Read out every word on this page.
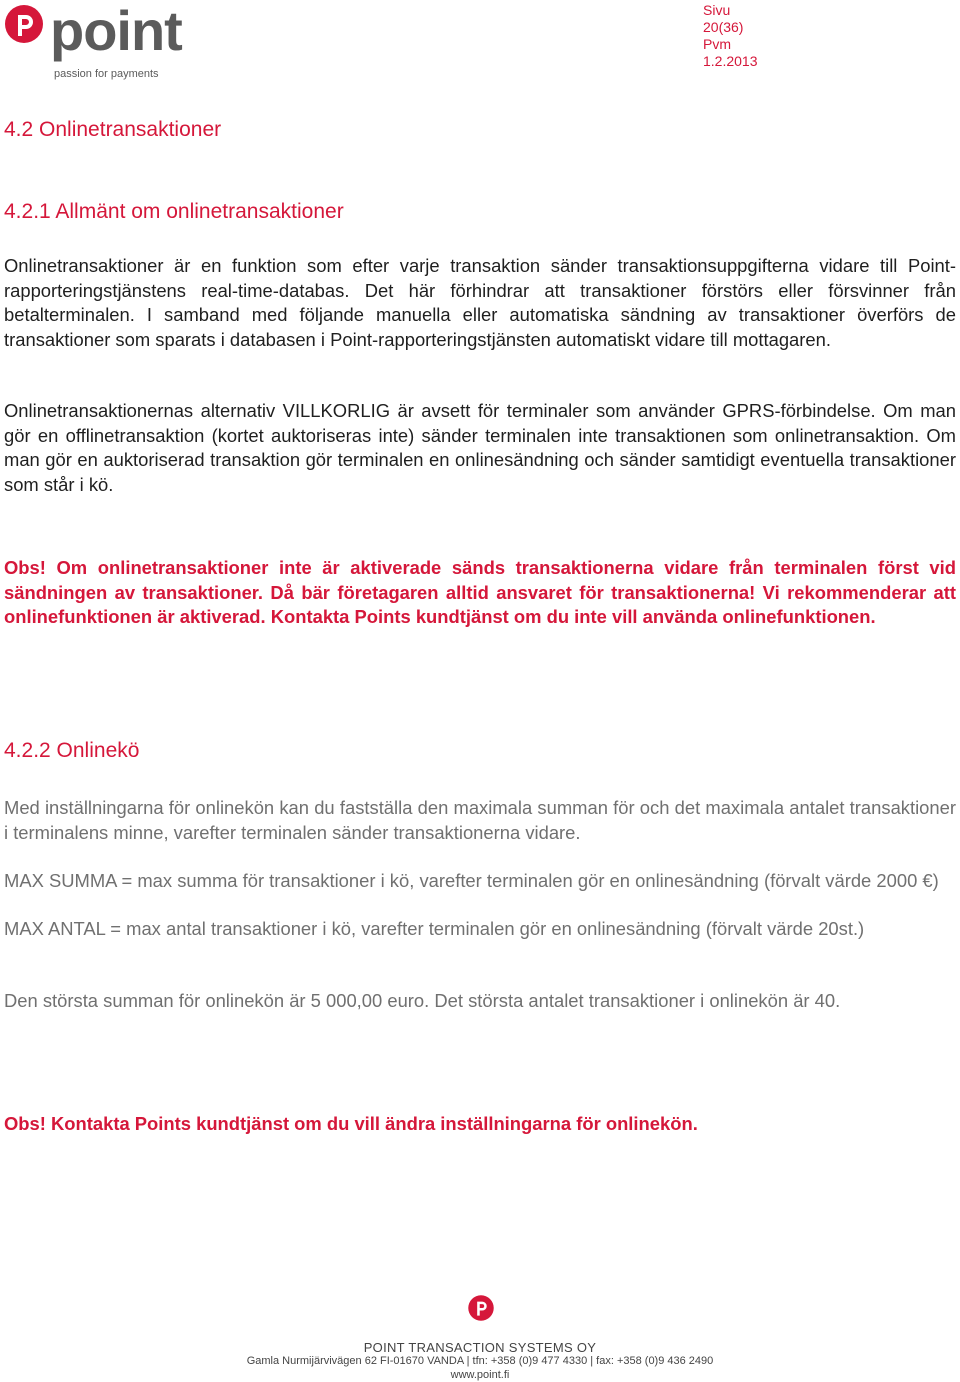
point
passion for payments
Sivu
20(36)
Pvm
1.2.2013
4.2 Onlinetransaktioner
4.2.1 Allmänt om onlinetransaktioner
Onlinetransaktioner är en funktion som efter varje transaktion sänder transaktionsuppgifterna vidare till Point-rapporteringstjänstens real-time-databas. Det här förhindrar att transaktioner förstörs eller försvinner från betalterminalen. I samband med följande manuella eller automatiska sändning av transaktioner överförs de transaktioner som sparats i databasen i Point-rapporteringstjänsten automatiskt vidare till mottagaren.
Onlinetransaktionernas alternativ VILLKORLIG är avsett för terminaler som använder GPRS-förbindelse. Om man gör en offlinetransaktion (kortet auktoriseras inte) sänder terminalen inte transaktionen som onlinetransaktion. Om man gör en auktoriserad transaktion gör terminalen en onlinesändning och sänder samtidigt eventuella transaktioner som står i kö.
Obs! Om onlinetransaktioner inte är aktiverade sänds transaktionerna vidare från terminalen först vid sändningen av transaktioner. Då bär företagaren alltid ansvaret för transaktionerna! Vi rekommenderar att onlinefunktionen är aktiverad. Kontakta Points kundtjänst om du inte vill använda onlinefunktionen.
4.2.2 Onlinekö
Med inställningarna för onlinekön kan du fastställa den maximala summan för och det maximala antalet transaktioner i terminalens minne, varefter terminalen sänder transaktionerna vidare.
MAX SUMMA = max summa för transaktioner i kö, varefter terminalen gör en onlinesändning (förvalt värde 2000 €)
MAX ANTAL = max antal transaktioner i kö, varefter terminalen gör en onlinesändning (förvalt värde 20st.)
Den största summan för onlinekön är 5 000,00 euro. Det största antalet transaktioner i onlinekön är 40.
Obs! Kontakta Points kundtjänst om du vill ändra inställningarna för onlinekön.
POINT TRANSACTION SYSTEMS OY
Gamla Nurmijärvivägen 62 FI-01670 VANDA | tfn: +358 (0)9 477 4330 | fax: +358 (0)9 436 2490
www.point.fi
